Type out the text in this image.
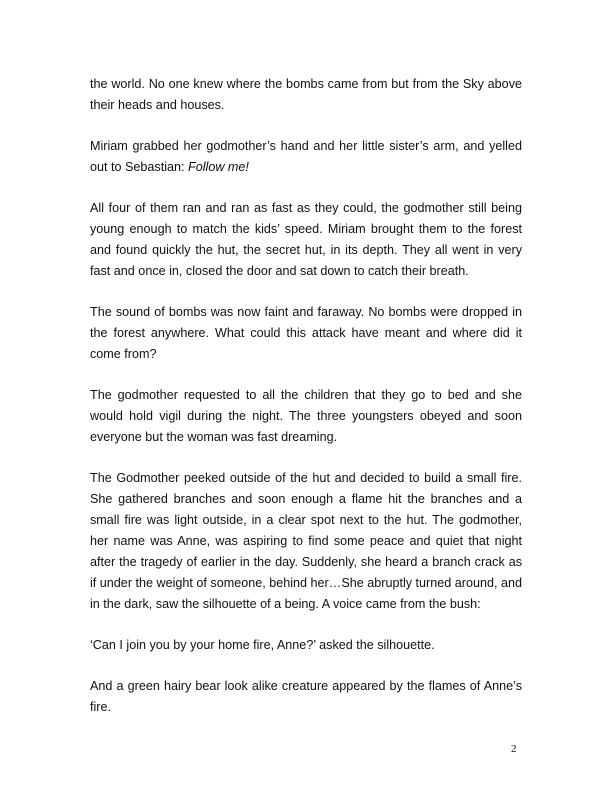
the world. No one knew where the bombs came from but from the Sky above their heads and houses.

Miriam grabbed her godmother’s hand and her little sister’s arm, and yelled out to Sebastian: Follow me!

All four of them ran and ran as fast as they could, the godmother still being young enough to match the kids’ speed. Miriam brought them to the forest and found quickly the hut, the secret hut, in its depth. They all went in very fast and once in, closed the door and sat down to catch their breath.

The sound of bombs was now faint and faraway. No bombs were dropped in the forest anywhere. What could this attack have meant and where did it come from?

The godmother requested to all the children that they go to bed and she would hold vigil during the night. The three youngsters obeyed and soon everyone but the woman was fast dreaming.

The Godmother peeked outside of the hut and decided to build a small fire. She gathered branches and soon enough a flame hit the branches and a small fire was light outside, in a clear spot next to the hut. The godmother, her name was Anne, was aspiring to find some peace and quiet that night after the tragedy of earlier in the day. Suddenly, she heard a branch crack as if under the weight of someone, behind her…She abruptly turned around, and in the dark, saw the silhouette of a being. A voice came from the bush:

‘Can I join you by your home fire, Anne?’ asked the silhouette.

And a green hairy bear look alike creature appeared by the flames of Anne’s fire.

2
